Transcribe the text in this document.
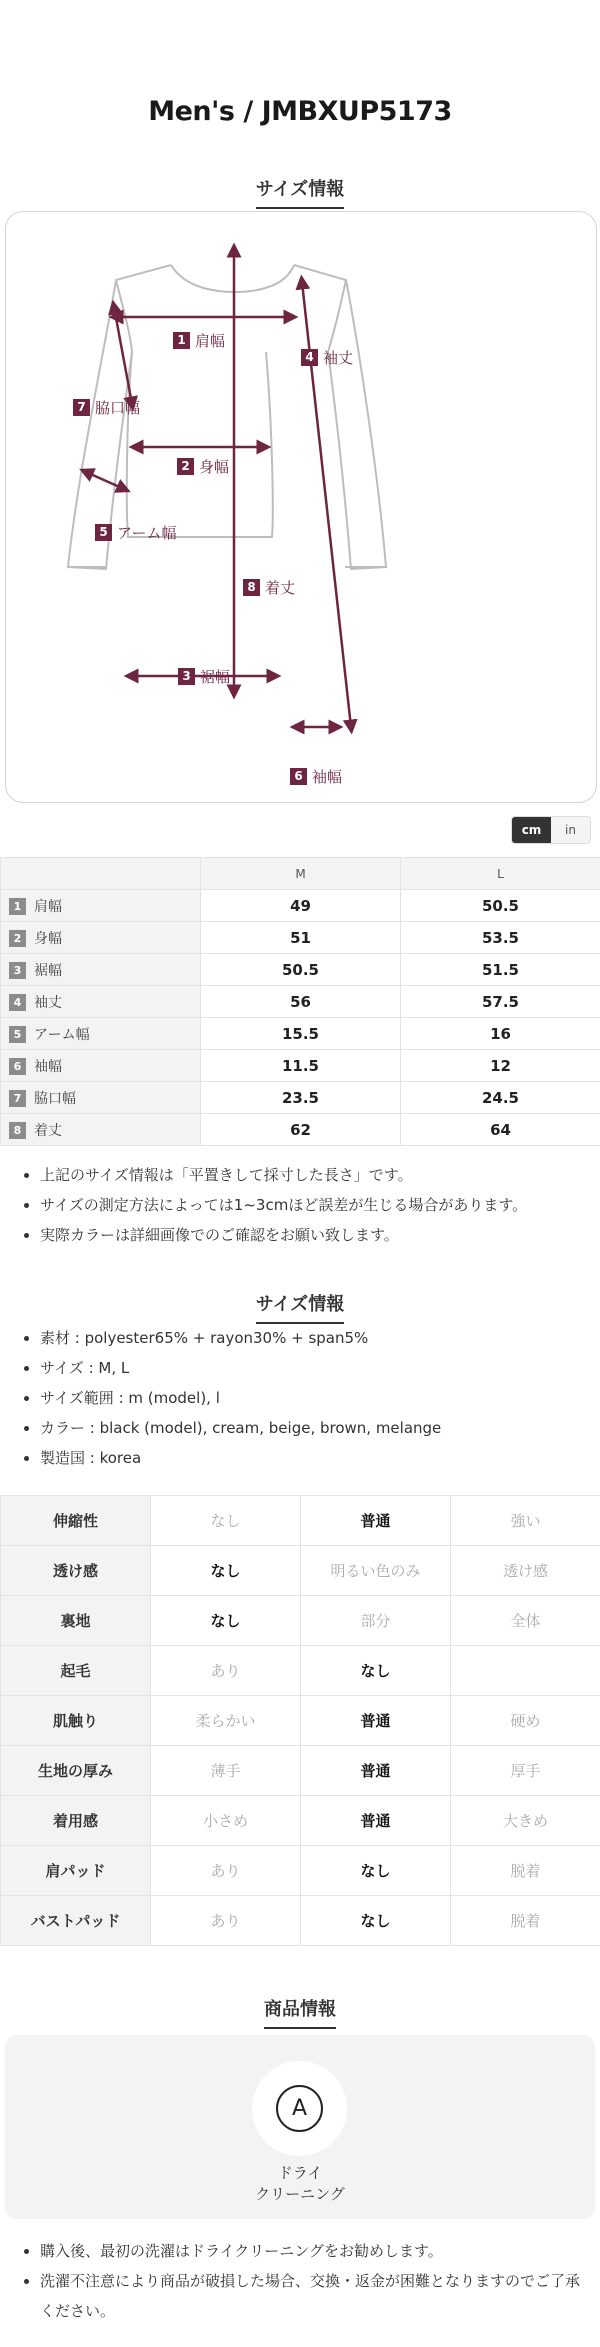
Men's / JMBXUP5173
サイズ情報
1 肩幅
2 身幅
3 裾幅
4 袖丈
5 アーム幅
6 袖幅
7 脇口幅
8 着丈
cm	in
	M	L
1 肩幅	49	50.5
2 身幅	51	53.5
3 裾幅	50.5	51.5
4 袖丈	56	57.5
5 アーム幅	15.5	16
6 袖幅	11.5	12
7 脇口幅	23.5	24.5
8 着丈	62	64
• 上記のサイズ情報は「平置きして採寸した長さ」です。
• サイズの測定方法によっては1~3cmほど誤差が生じる場合があります。
• 実際カラーは詳細画像でのご確認をお願い致します。
サイズ情報
• 素材 : polyester65% + rayon30% + span5%
• サイズ : M, L
• サイズ範囲 : m (model), l
• カラー : black (model), cream, beige, brown, melange
• 製造国 : korea
伸縮性	なし	普通	強い
透け感	なし	明るい色のみ	透け感
裏地	なし	部分	全体
起毛	あり	なし	
肌触り	柔らかい	普通	硬め
生地の厚み	薄手	普通	厚手
着用感	小さめ	普通	大きめ
肩パッド	あり	なし	脱着
バストパッド	あり	なし	脱着
商品情報
A
ドライ
クリーニング
• 購入後、最初の洗濯はドライクリーニングをお勧めします。
• 洗濯不注意により商品が破損した場合、交換・返金が困難となりますのでご了承ください。
